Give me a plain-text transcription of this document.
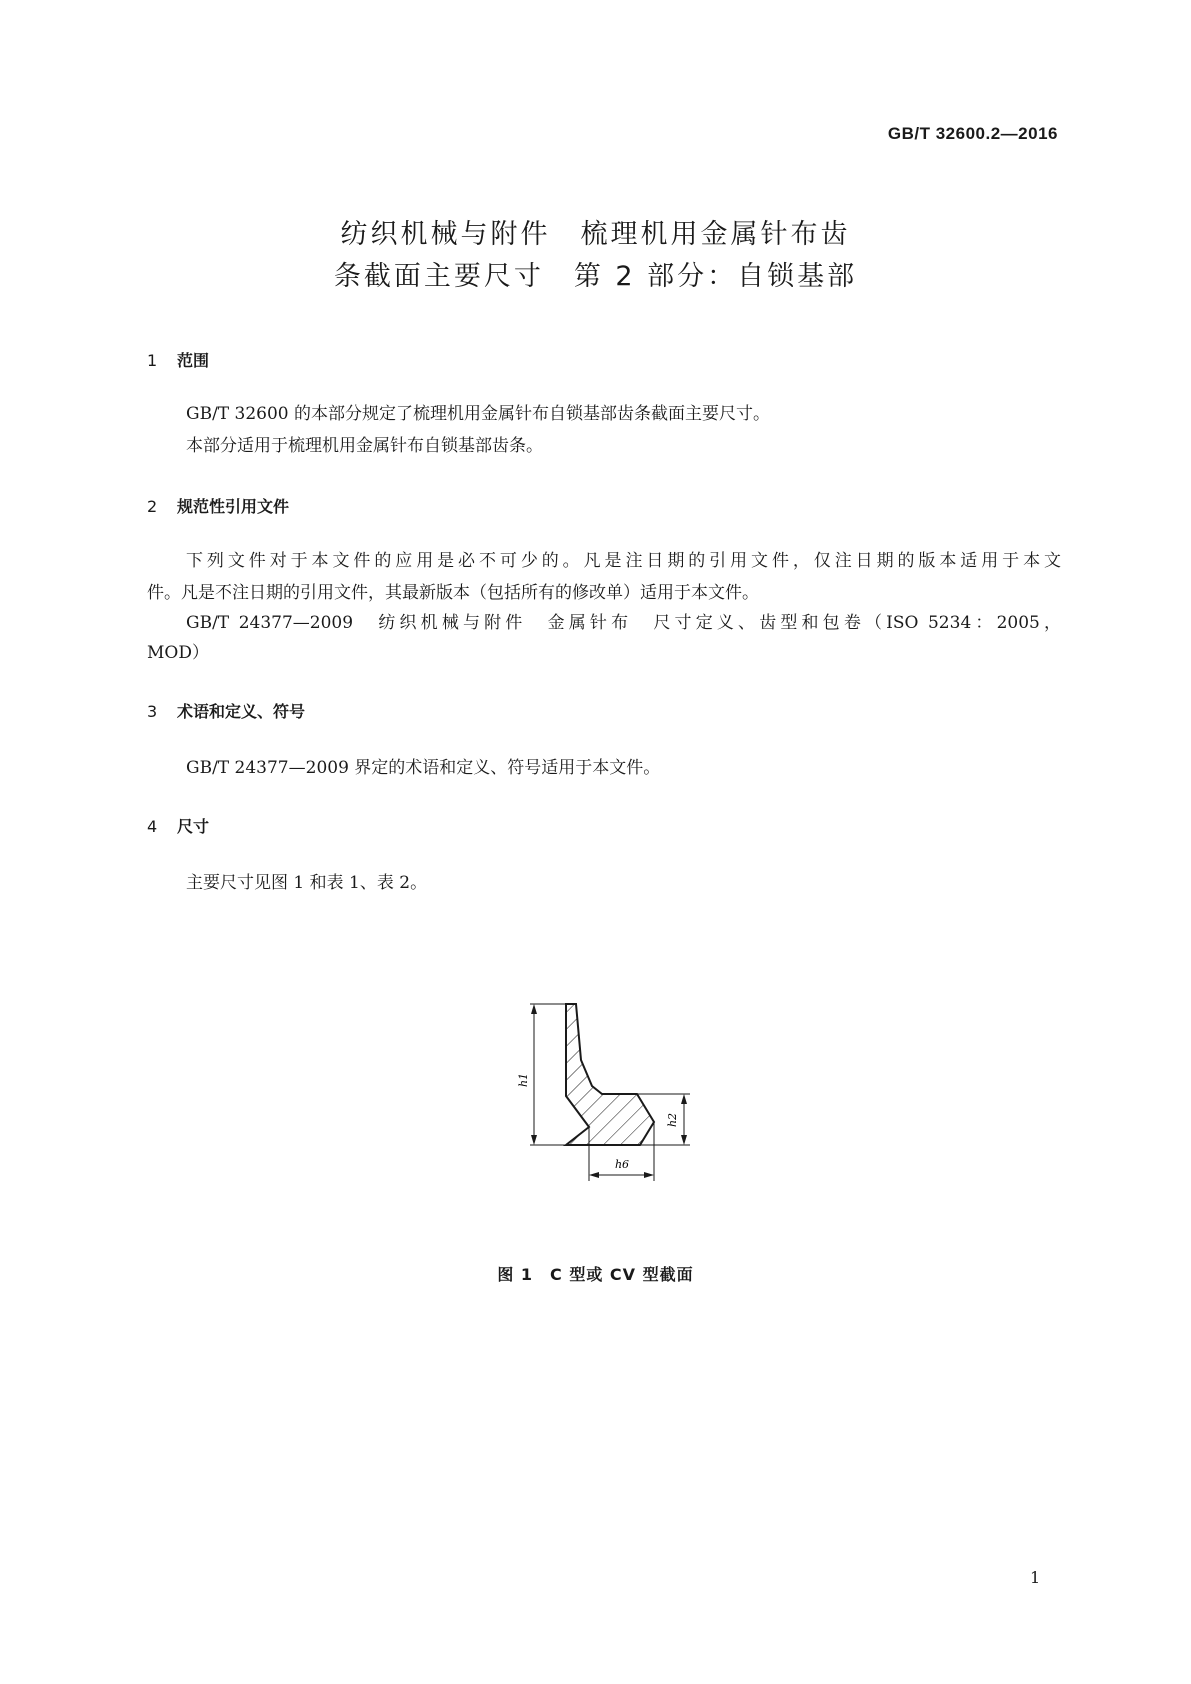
GB/T 32600.2—2016
纺织机械与附件　梳理机用金属针布齿
条截面主要尺寸　第 2 部分：自锁基部
1 范围
GB/T 32600 的本部分规定了梳理机用金属针布自锁基部齿条截面主要尺寸。
本部分适用于梳理机用金属针布自锁基部齿条。
2 规范性引用文件
下列文件对于本文件的应用是必不可少的。凡是注日期的引用文件，仅注日期的版本适用于本文
件。凡是不注日期的引用文件，其最新版本（包括所有的修改单）适用于本文件。
GB/T 24377—2009　纺织机械与附件　金属针布　尺寸定义、齿型和包卷（ISO 5234：2005，
MOD）
3 术语和定义、符号
GB/T 24377—2009 界定的术语和定义、符号适用于本文件。
4 尺寸
主要尺寸见图 1 和表 1、表 2。
h1
h2
h6
图 1　C 型或 CV 型截面
1
